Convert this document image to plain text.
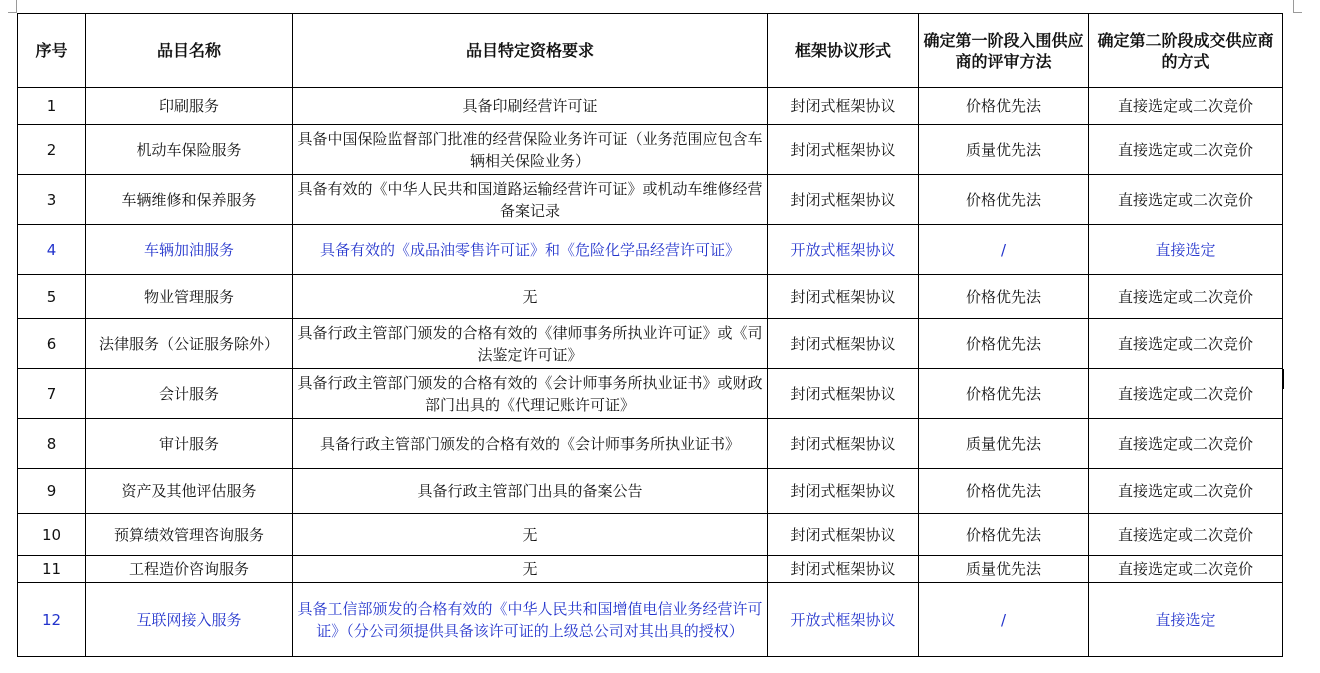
序号	品目名称	品目特定资格要求	框架协议形式	确定第一阶段入围供应商的评审方法	确定第二阶段成交供应商的方式
1	印刷服务	具备印刷经营许可证	封闭式框架协议	价格优先法	直接选定或二次竞价
2	机动车保险服务	具备中国保险监督部门批准的经营保险业务许可证（业务范围应包含车辆相关保险业务）	封闭式框架协议	质量优先法	直接选定或二次竞价
3	车辆维修和保养服务	具备有效的《中华人民共和国道路运输经营许可证》或机动车维修经营备案记录	封闭式框架协议	价格优先法	直接选定或二次竞价
4	车辆加油服务	具备有效的《成品油零售许可证》和《危险化学品经营许可证》	开放式框架协议	/	直接选定
5	物业管理服务	无	封闭式框架协议	价格优先法	直接选定或二次竞价
6	法律服务（公证服务除外）	具备行政主管部门颁发的合格有效的《律师事务所执业许可证》或《司法鉴定许可证》	封闭式框架协议	价格优先法	直接选定或二次竞价
7	会计服务	具备行政主管部门颁发的合格有效的《会计师事务所执业证书》或财政部门出具的《代理记账许可证》	封闭式框架协议	价格优先法	直接选定或二次竞价
8	审计服务	具备行政主管部门颁发的合格有效的《会计师事务所执业证书》	封闭式框架协议	质量优先法	直接选定或二次竞价
9	资产及其他评估服务	具备行政主管部门出具的备案公告	封闭式框架协议	价格优先法	直接选定或二次竞价
10	预算绩效管理咨询服务	无	封闭式框架协议	价格优先法	直接选定或二次竞价
11	工程造价咨询服务	无	封闭式框架协议	质量优先法	直接选定或二次竞价
12	互联网接入服务	具备工信部颁发的合格有效的《中华人民共和国增值电信业务经营许可证》（分公司须提供具备该许可证的上级总公司对其出具的授权）	开放式框架协议	/	直接选定
